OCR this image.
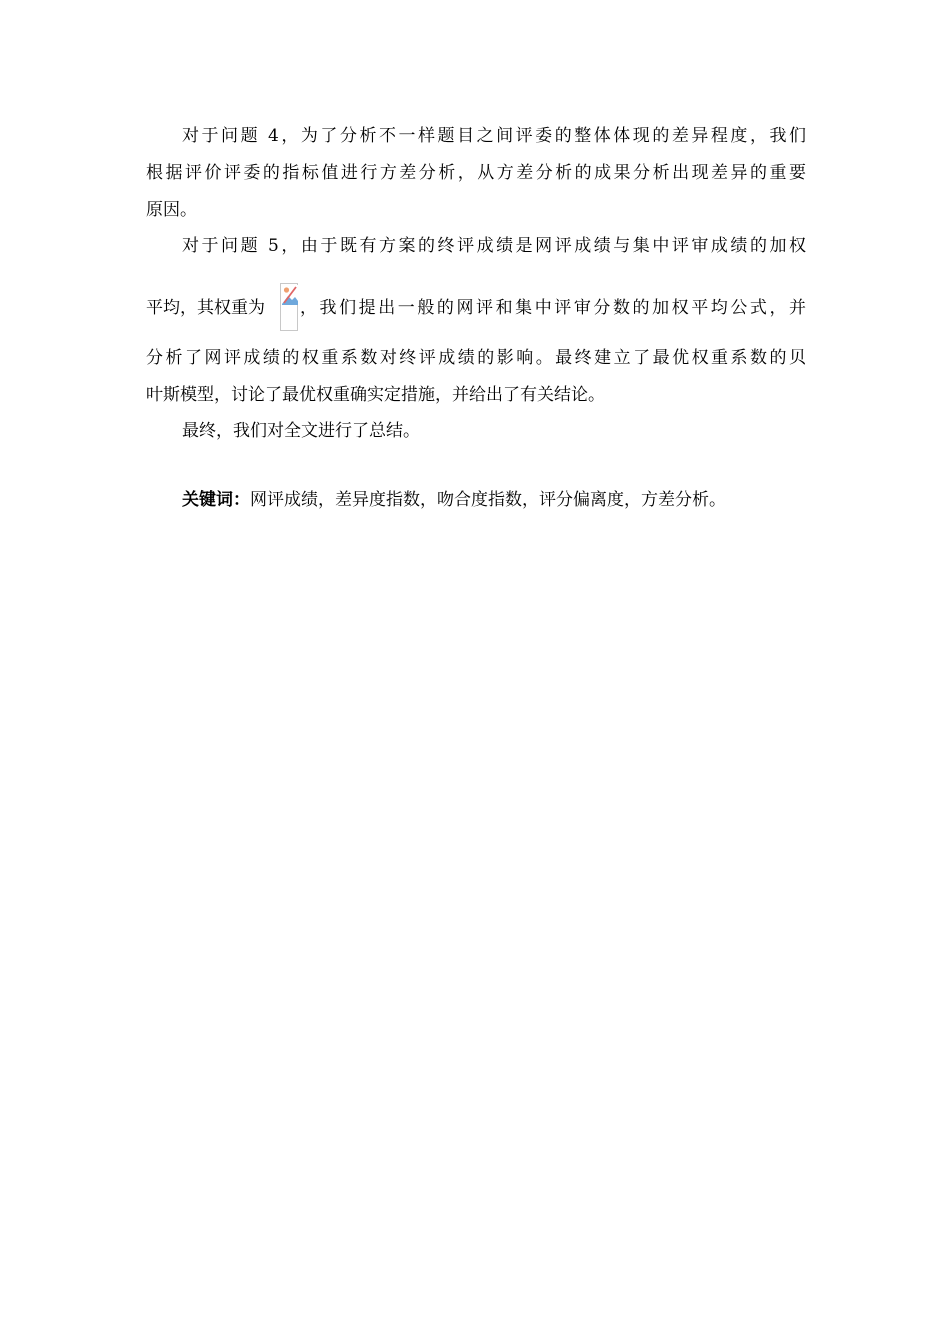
对于问题 4，为了分析不一样题目之间评委的整体体现的差异程度，我们
根据评价评委的指标值进行方差分析，从方差分析的成果分析出现差异的重要
原因。
对于问题 5，由于既有方案的终评成绩是网评成绩与集中评审成绩的加权
平均，其权重为 ，我们提出一般的网评和集中评审分数的加权平均公式，并
分析了网评成绩的权重系数对终评成绩的影响。最终建立了最优权重系数的贝
叶斯模型，讨论了最优权重确实定措施，并给出了有关结论。
最终，我们对全文进行了总结。
关键词：网评成绩，差异度指数，吻合度指数，评分偏离度，方差分析。
